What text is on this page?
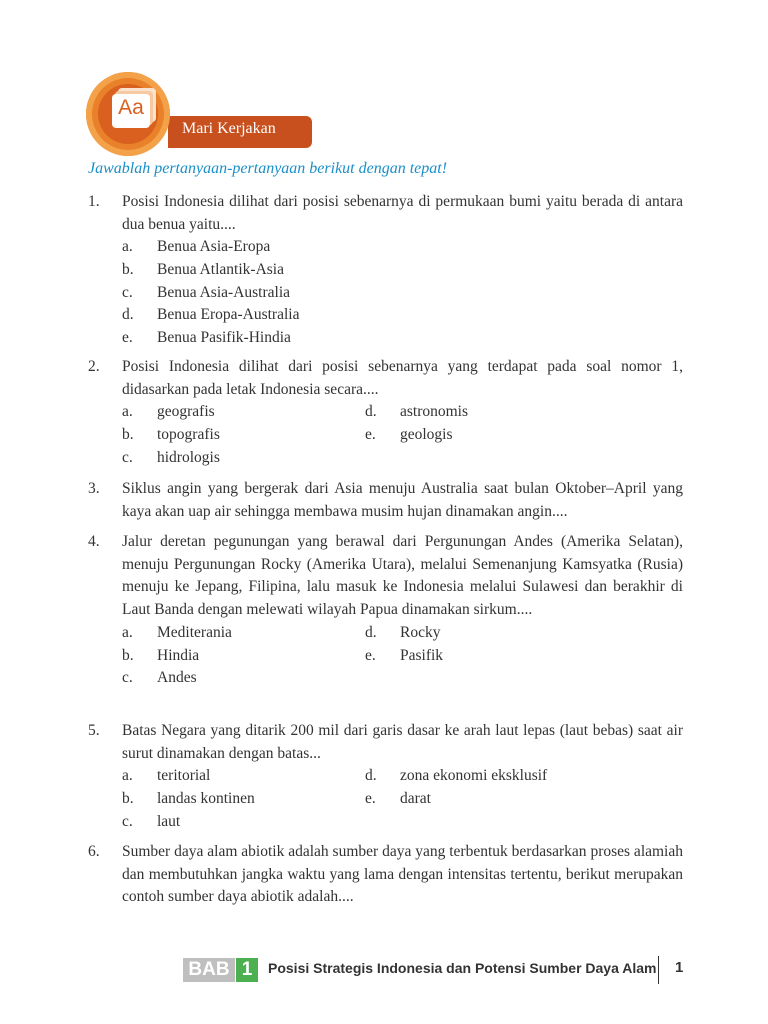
Mari Kerjakan
Aa
Jawablah pertanyaan-pertanyaan berikut dengan tepat!
1. Posisi Indonesia dilihat dari posisi sebenarnya di permukaan bumi yaitu berada di antara dua benua yaitu....
a. Benua Asia-Eropa
b. Benua Atlantik-Asia
c. Benua Asia-Australia
d. Benua Eropa-Australia
e. Benua Pasifik-Hindia
2. Posisi Indonesia dilihat dari posisi sebenarnya yang terdapat pada soal nomor 1, didasarkan pada letak Indonesia secara....
a. geografis
b. topografis
c. hidrologis
d. astronomis
e. geologis
3. Siklus angin yang bergerak dari Asia menuju Australia saat bulan Oktober–April yang kaya akan uap air sehingga membawa musim hujan dinamakan angin....
4. Jalur deretan pegunungan yang berawal dari Pergunungan Andes (Amerika Selatan), menuju Pergunungan Rocky (Amerika Utara), melalui Semenanjung Kamsyatka (Rusia) menuju ke Jepang, Filipina, lalu masuk ke Indonesia melalui Sulawesi dan berakhir di Laut Banda dengan melewati wilayah Papua dinamakan sirkum....
a. Mediterania
b. Hindia
c. Andes
d. Rocky
e. Pasifik
5. Batas Negara yang ditarik 200 mil dari garis dasar ke arah laut lepas (laut bebas) saat air surut dinamakan dengan batas...
a. teritorial
b. landas kontinen
c. laut
d. zona ekonomi eksklusif
e. darat
6. Sumber daya alam abiotik adalah sumber daya yang terbentuk berdasarkan proses alamiah dan membutuhkan jangka waktu yang lama dengan intensitas tertentu, berikut merupakan contoh sumber daya abiotik adalah....
BAB 1	Posisi Strategis Indonesia dan Potensi Sumber Daya Alam 1
